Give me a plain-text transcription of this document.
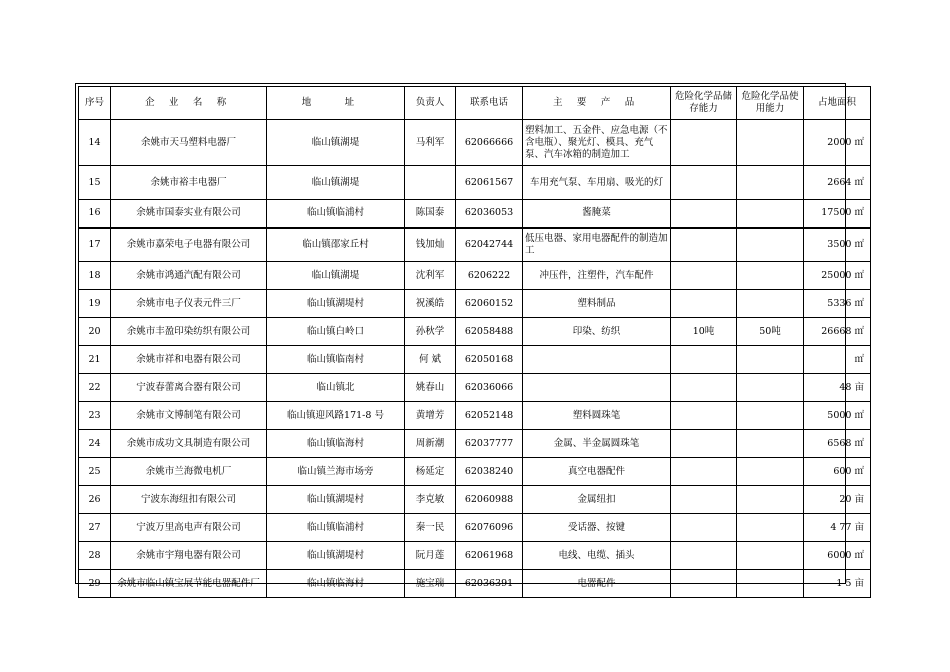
序号	企 业 名 称	地 址	负责人	联系电话	主 要 产 品	危险化学品储存能力	危险化学品使用能力	占地面积
14	余姚市天马塑料电器厂	临山镇湖堤	马利军	62066666	塑料加工、五金件、应急电源（不含电瓶）、聚光灯、模具、充气泵、汽车冰箱的制造加工			2000 ㎡
15	余姚市裕丰电器厂	临山镇湖堤		62061567	车用充气泵、车用扇、吸光的灯			2664 ㎡
16	余姚市国泰实业有限公司	临山镇临浦村	陈国泰	62036053	酱腌菜			17500 ㎡
17	余姚市嘉荣电子电器有限公司	临山镇邵家丘村	钱加灿	62042744	低压电器、家用电器配件的制造加工			3500 ㎡
18	余姚市鸿通汽配有限公司	临山镇湖堤	沈利军	6206222	冲压件，注塑件，汽车配件			25000 ㎡
19	余姚市电子仪表元件三厂	临山镇湖堤村	祝溪皓	62060152	塑料制品			5336 ㎡
20	余姚市丰盈印染纺织有限公司	临山镇白岭口	孙秋学	62058488	印染、纺织	10吨	50吨	26668 ㎡
21	余姚市祥和电器有限公司	临山镇临南村	何 斌	62050168				㎡
22	宁波春蕾离合器有限公司	临山镇北	姚春山	62036066				48 亩
23	余姚市文博制笔有限公司	临山镇迎风路171-8 号	黄增芳	62052148	塑料圆珠笔			5000 ㎡
24	余姚市成功文具制造有限公司	临山镇临海村	周新潮	62037777	金属、半金属圆珠笔			6568 ㎡
25	余姚市兰海微电机厂	临山镇兰海市场旁	杨延定	62038240	真空电器配件			600 ㎡
26	宁波东海纽扣有限公司	临山镇湖堤村	李克敏	62060988	金属纽扣			20 亩
27	宁波万里高电声有限公司	临山镇临浦村	秦一民	62076096	受话器、按键			4 77 亩
28	余姚市宇翔电器有限公司	临山镇湖堤村	阮月莲	62061968	电线、电缆、插头			6000 ㎡
29	余姚市临山镇宝展节能电器配件厂	临山镇临海村	施宝瑞	62036391	电器配件			1 5 亩
